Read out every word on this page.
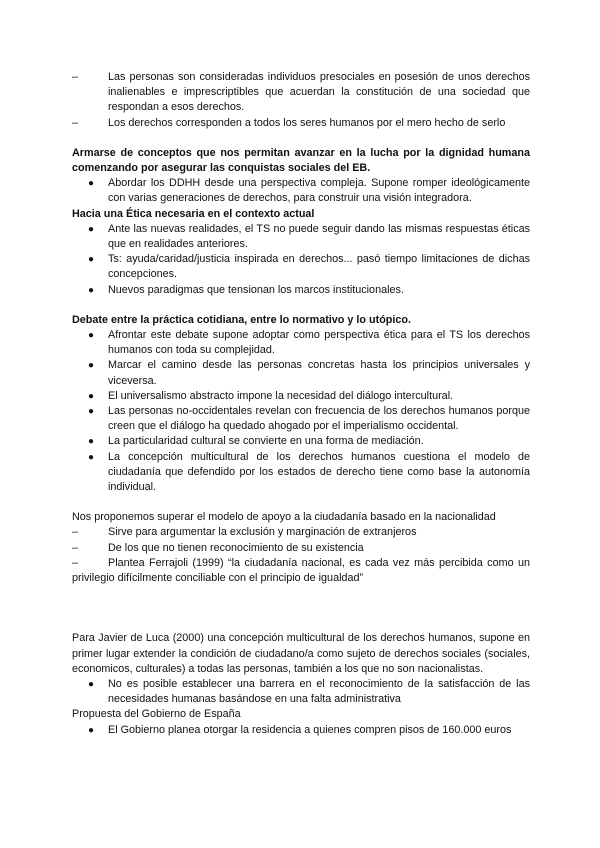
–	Las personas son consideradas individuos presociales en posesión de unos derechos inalienables e imprescriptibles que acuerdan la constitución de una sociedad que respondan a esos derechos.

–	Los derechos corresponden a todos los seres humanos por el mero hecho de serlo

Armarse de conceptos que nos permitan avanzar en la lucha por la dignidad humana comenzando por asegurar las conquistas sociales del EB.

● Abordar los DDHH desde una perspectiva compleja. Supone romper ideológicamente con varias generaciones de derechos, para construir una visión integradora.

Hacia una Ética necesaria en el contexto actual

● Ante las nuevas realidades, el TS no puede seguir dando las mismas respuestas éticas que en realidades anteriores.

● Ts: ayuda/caridad/justicia inspirada en derechos... pasó tiempo limitaciones de dichas concepciones.

● Nuevos paradigmas que tensionan los marcos institucionales.

Debate entre la práctica cotidiana, entre lo normativo y lo utópico.

● Afrontar este debate supone adoptar como perspectiva ética para el TS los derechos humanos con toda su complejidad.

● Marcar el camino desde las personas concretas hasta los principios universales y viceversa.

● El universalismo abstracto impone la necesidad del diálogo intercultural.

● Las personas no-occidentales revelan con frecuencia de los derechos humanos porque creen que el diálogo ha quedado ahogado por el imperialismo occidental.

● La particularidad cultural se convierte en una forma de mediación.

● La concepción multicultural de los derechos humanos cuestiona el modelo de ciudadanía que defendido por los estados de derecho tiene como base la autonomía individual.

Nos proponemos superar el modelo de apoyo a la ciudadanía basado en la nacionalidad

–	Sirve para argumentar la exclusión y marginación de extranjeros

–	De los que no tienen reconocimiento de su existencia

–	Plantea Ferrajoli (1999) “la ciudadanía nacional, es cada vez más percibida como un privilegio difícilmente conciliable con el principio de igualdad”

Para Javier de Luca (2000) una concepción multicultural de los derechos humanos, supone en primer lugar extender la condición de ciudadano/a como sujeto de derechos sociales (sociales, economicos, culturales) a todas las personas, también a los que no son nacionalistas.

● No es posible establecer una barrera en el reconocimiento de la satisfacción de las necesidades humanas basándose en una falta administrativa

Propuesta del Gobierno de España

● El Gobierno planea otorgar la residencia a quienes compren pisos de 160.000 euros
